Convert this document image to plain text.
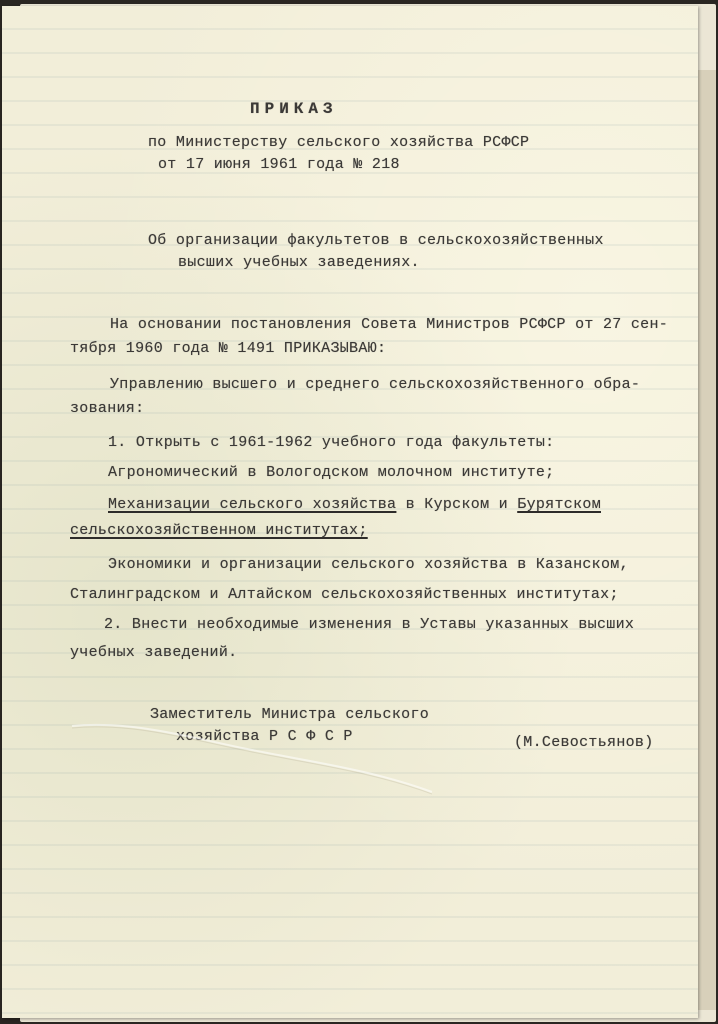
ПРИКАЗ
по Министерству сельского хозяйства РСФСР
от 17 июня 1961 года № 218
Об организации факультетов в сельскохозяйственных
высших учебных заведениях.
На основании постановления Совета Министров РСФСР от 27 сен-
тября 1960 года № 1491 ПРИКАЗЫВАЮ:
Управлению высшего и среднего сельскохозяйственного обра-
зования:
1. Открыть с 1961-1962 учебного года факультеты:
Агрономический в Вологодском молочном институте;
Механизации сельского хозяйства в Курском и Бурятском
сельскохозяйственном институтах;
Экономики и организации сельского хозяйства в Казанском,
Сталинградском и Алтайском сельскохозяйственных институтах;
2. Внести необходимые изменения в Уставы указанных высших
учебных заведений.
Заместитель Министра сельского
хозяйства Р С Ф С Р	(М.Севостьянов)
